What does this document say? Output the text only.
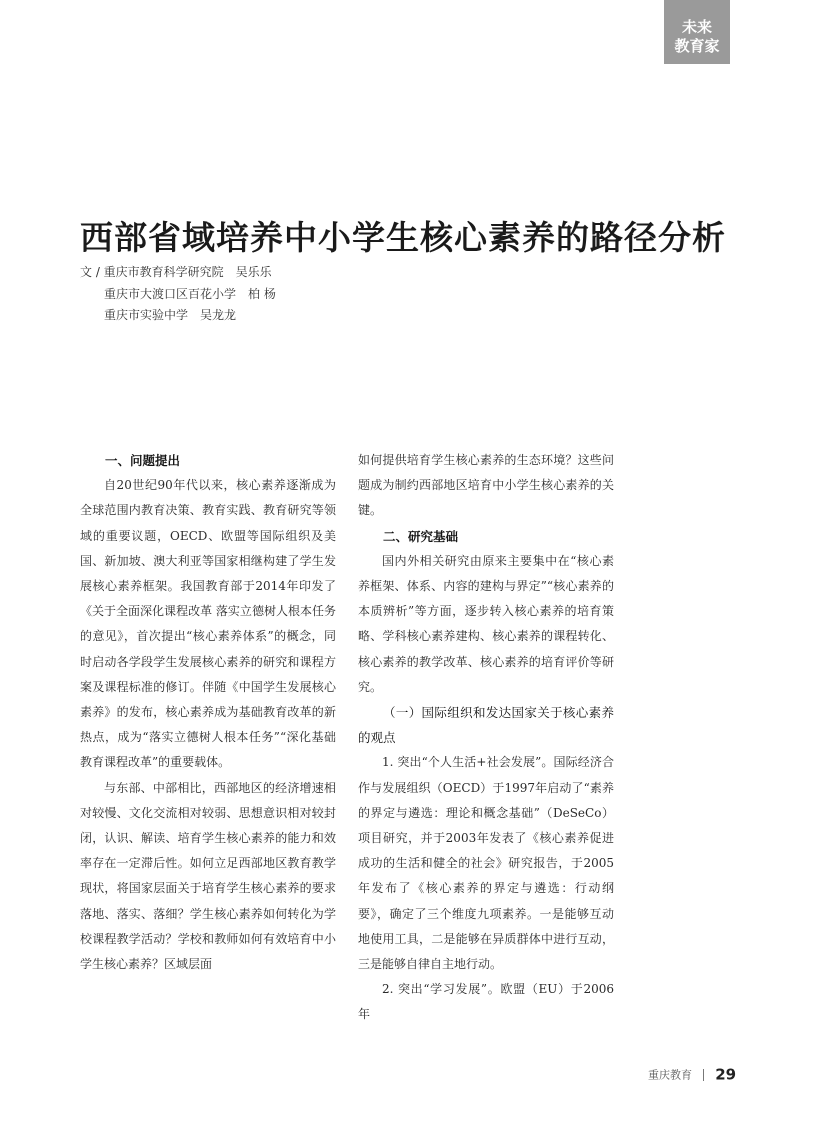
未来
教育家
西部省域培养中小学生核心素养的路径分析
文 / 重庆市教育科学研究院　吴乐乐
重庆市大渡口区百花小学　柏 杨
重庆市实验中学　吴龙龙
一、问题提出

自20世纪90年代以来，核心素养逐渐成为全球范围内教育决策、教育实践、教育研究等领域的重要议题，OECD、欧盟等国际组织及美国、新加坡、澳大利亚等国家相继构建了学生发展核心素养框架。我国教育部于2014年印发了《关于全面深化课程改革 落实立德树人根本任务的意见》，首次提出“核心素养体系”的概念，同时启动各学段学生发展核心素养的研究和课程方案及课程标准的修订。伴随《中国学生发展核心素养》的发布，核心素养成为基础教育改革的新热点，成为“落实立德树人根本任务”“深化基础教育课程改革”的重要载体。

与东部、中部相比，西部地区的经济增速相对较慢、文化交流相对较弱、思想意识相对较封闭，认识、解读、培育学生核心素养的能力和效率存在一定滞后性。如何立足西部地区教育教学现状，将国家层面关于培育学生核心素养的要求落地、落实、落细？学生核心素养如何转化为学校课程教学活动？学校和教师如何有效培育中小学生核心素养？区域层面

如何提供培育学生核心素养的生态环境？这些问题成为制约西部地区培育中小学生核心素养的关键。

二、研究基础

国内外相关研究由原来主要集中在“核心素养框架、体系、内容的建构与界定”“核心素养的本质辨析”等方面，逐步转入核心素养的培育策略、学科核心素养建构、核心素养的课程转化、核心素养的教学改革、核心素养的培育评价等研究。

（一）国际组织和发达国家关于核心素养的观点

1. 突出“个人生活+社会发展”。国际经济合作与发展组织（OECD）于1997年启动了“素养的界定与遴选：理论和概念基础”（DeSeCo）项目研究，并于2003年发表了《核心素养促进成功的生活和健全的社会》研究报告，于2005年发布了《核心素养的界定与遴选：行动纲要》，确定了三个维度九项素养。一是能够互动地使用工具，二是能够在异质群体中进行互动，三是能够自律自主地行动。

2. 突出“学习发展”。欧盟（EU）于2006年

重庆教育 29
